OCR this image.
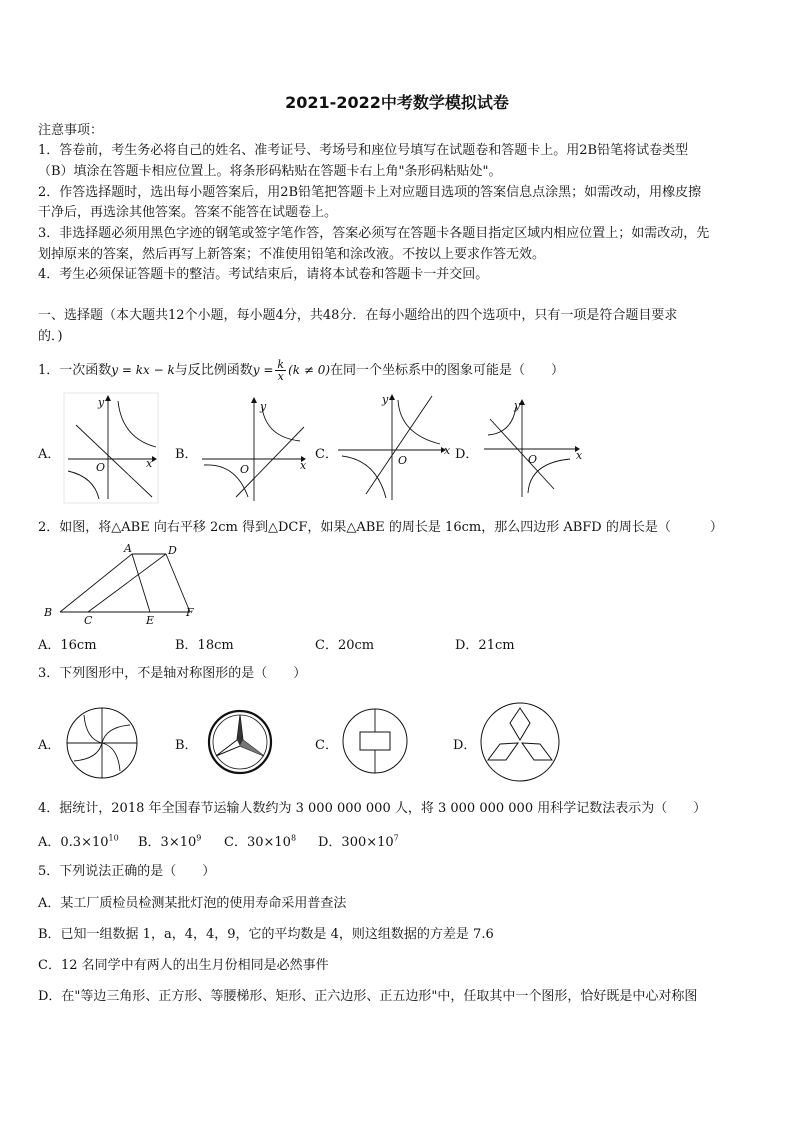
2021-2022中考数学模拟试卷
注意事项：
1．答卷前，考生务必将自己的姓名、准考证号、考场号和座位号填写在试题卷和答题卡上。用2B铅笔将试卷类型
（B）填涂在答题卡相应位置上。将条形码粘贴在答题卡右上角"条形码粘贴处"。
2．作答选择题时，选出每小题答案后，用2B铅笔把答题卡上对应题目选项的答案信息点涂黑；如需改动，用橡皮擦
干净后，再选涂其他答案。答案不能答在试题卷上。
3．非选择题必须用黑色字迹的钢笔或签字笔作答，答案必须写在答题卡各题目指定区域内相应位置上；如需改动，先
划掉原来的答案，然后再写上新答案；不准使用铅笔和涂改液。不按以上要求作答无效。
4．考生必须保证答题卡的整洁。考试结束后，请将本试卷和答题卡一并交回。
一、选择题（本大题共12个小题，每小题4分，共48分．在每小题给出的四个选项中，只有一项是符合题目要求
的．)
1．一次函数y = kx − k与反比例函数$y = \frac{k}{x} (k \ne 0)$在同一个坐标系中的图象可能是（　　）
A．	B．	C．	D．
y
x
O
y
x
O
y
x
O
y
x
O
2．如图，将△ABE 向右平移 2cm 得到△DCF，如果△ABE 的周长是 16cm，那么四边形 ABFD 的周长是（　　　）
A	D
B
C	E
F
A．16cm	B．18cm	C．20cm	D．21cm
3．下列图形中，不是轴对称图形的是（　　）
A．	B．	C．	D．
4．据统计，2018 年全国春节运输人数约为 3 000 000 000 人，将 3 000 000 000 用科学记数法表示为（　　）
A．$0.3\times 10^{10}$ B．$3\times 10^9$ C．$30\times 10^8$ D．$300\times 10^7$
5．下列说法正确的是（　　）
A．某工厂质检员检测某批灯泡的使用寿命采用普查法
B．已知一组数据 1，a，4，4，9，它的平均数是 4，则这组数据的方差是 7.6
C．12 名同学中有两人的出生月份相同是必然事件
D．在"等边三角形、正方形、等腰梯形、矩形、正六边形、正五边形"中，任取其中一个图形，恰好既是中心对称图
